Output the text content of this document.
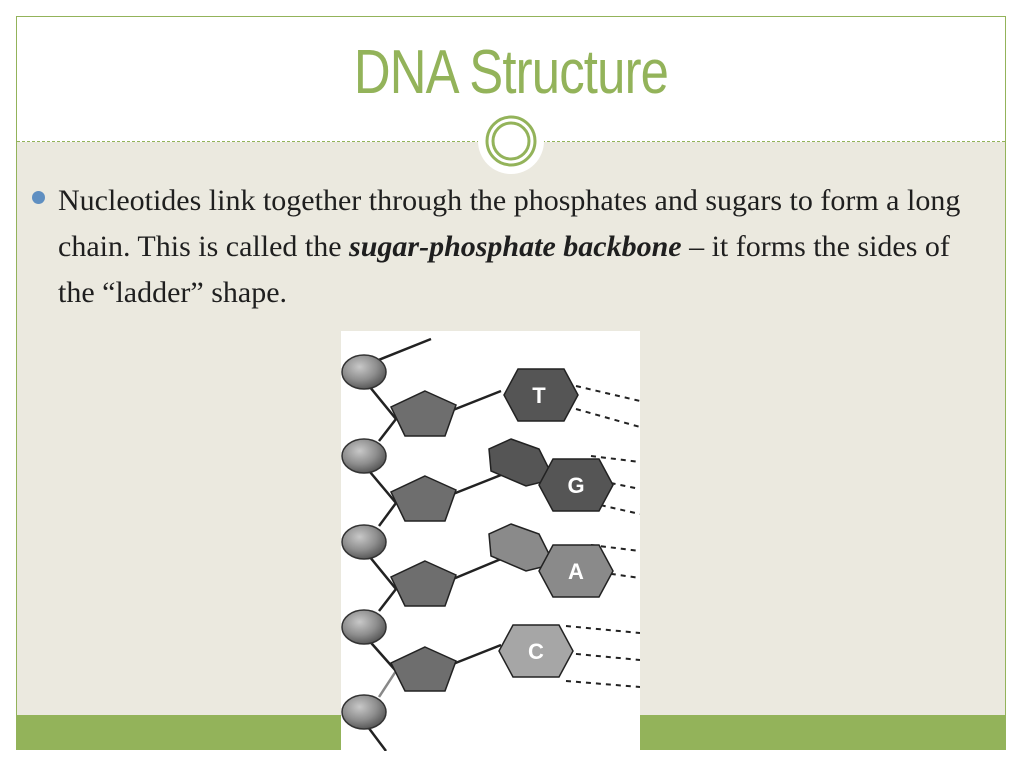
DNA Structure
Nucleotides link together through the phosphates and sugars to form a long chain. This is called the sugar-phosphate backbone – it forms the sides of the “ladder” shape.
T
G
A
C
